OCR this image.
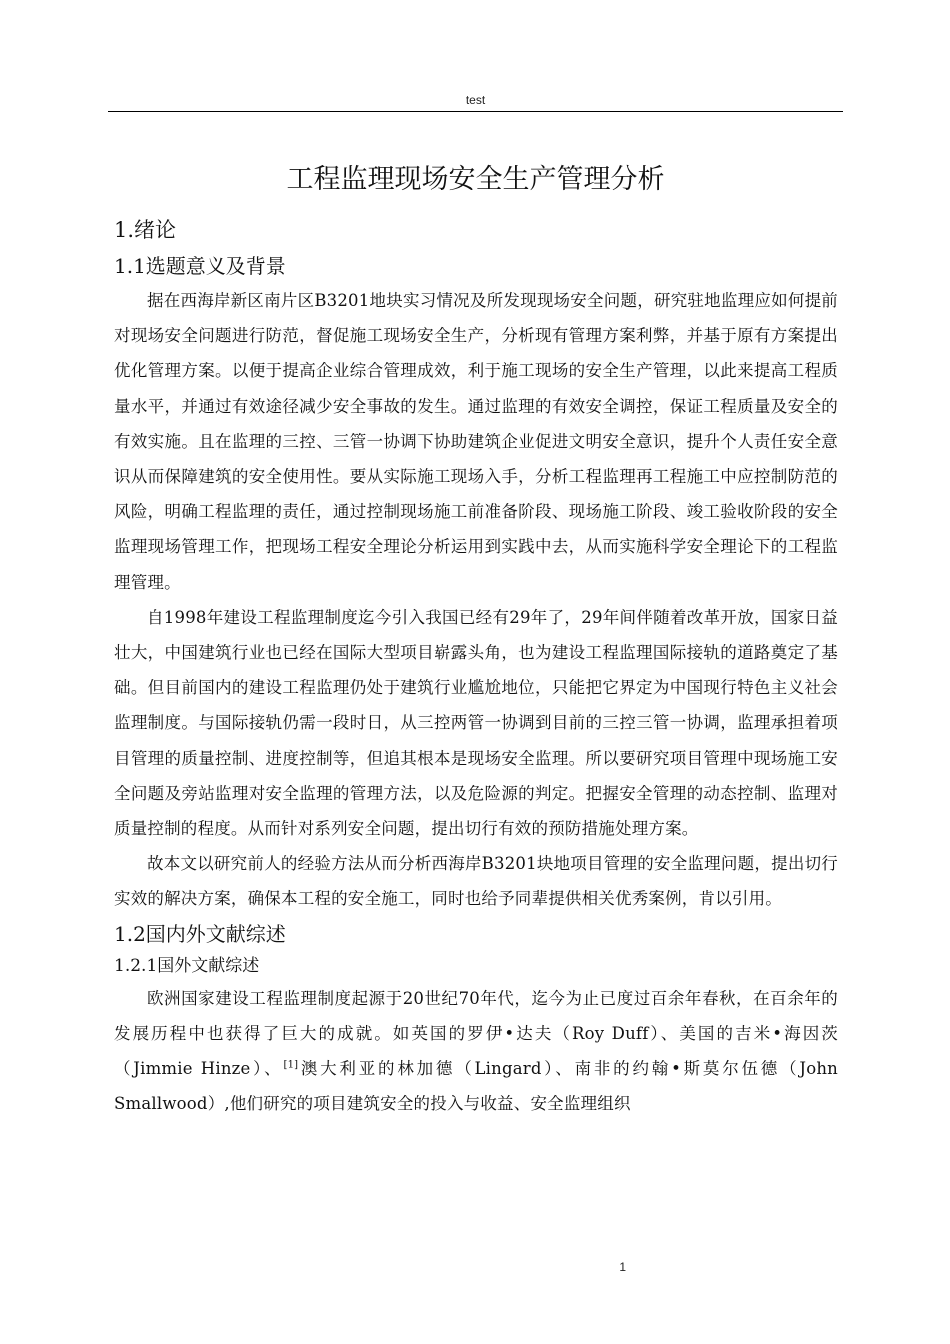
test
工程监理现场安全生产管理分析

1.绪论

1.1选题意义及背景

据在西海岸新区南片区B3201地块实习情况及所发现现场安全问题，研究驻地监理应如何提前对现场安全问题进行防范，督促施工现场安全生产，分析现有管理方案利弊，并基于原有方案提出优化管理方案。以便于提高企业综合管理成效，利于施工现场的安全生产管理，以此来提高工程质量水平，并通过有效途径减少安全事故的发生。通过监理的有效安全调控，保证工程质量及安全的有效实施。且在监理的三控、三管一协调下协助建筑企业促进文明安全意识，提升个人责任安全意识从而保障建筑的安全使用性。要从实际施工现场入手，分析工程监理再工程施工中应控制防范的风险，明确工程监理的责任，通过控制现场施工前准备阶段、现场施工阶段、竣工验收阶段的安全监理现场管理工作，把现场工程安全理论分析运用到实践中去，从而实施科学安全理论下的工程监理管理。

自1998年建设工程监理制度迄今引入我国已经有29年了，29年间伴随着改革开放，国家日益壮大，中国建筑行业也已经在国际大型项目崭露头角，也为建设工程监理国际接轨的道路奠定了基础。但目前国内的建设工程监理仍处于建筑行业尴尬地位，只能把它界定为中国现行特色主义社会监理制度。与国际接轨仍需一段时日，从三控两管一协调到目前的三控三管一协调，监理承担着项目管理的质量控制、进度控制等，但追其根本是现场安全监理。所以要研究项目管理中现场施工安全问题及旁站监理对安全监理的管理方法，以及危险源的判定。把握安全管理的动态控制、监理对质量控制的程度。从而针对系列安全问题，提出切行有效的预防措施处理方案。

故本文以研究前人的经验方法从而分析西海岸B3201块地项目管理的安全监理问题，提出切行实效的解决方案，确保本工程的安全施工，同时也给予同辈提供相关优秀案例，肯以引用。

1.2国内外文献综述

1.2.1国外文献综述

欧洲国家建设工程监理制度起源于20世纪70年代，迄今为止已度过百余年春秋，在百余年的发展历程中也获得了巨大的成就。如英国的罗伊•达夫（Roy Duff）、美国的吉米•海因茨（Jimmie Hinze）、[1]澳大利亚的林加德（Lingard）、南非的约翰•斯莫尔伍德（John Smallwood）,他们研究的项目建筑安全的投入与收益、安全监理组织

1
